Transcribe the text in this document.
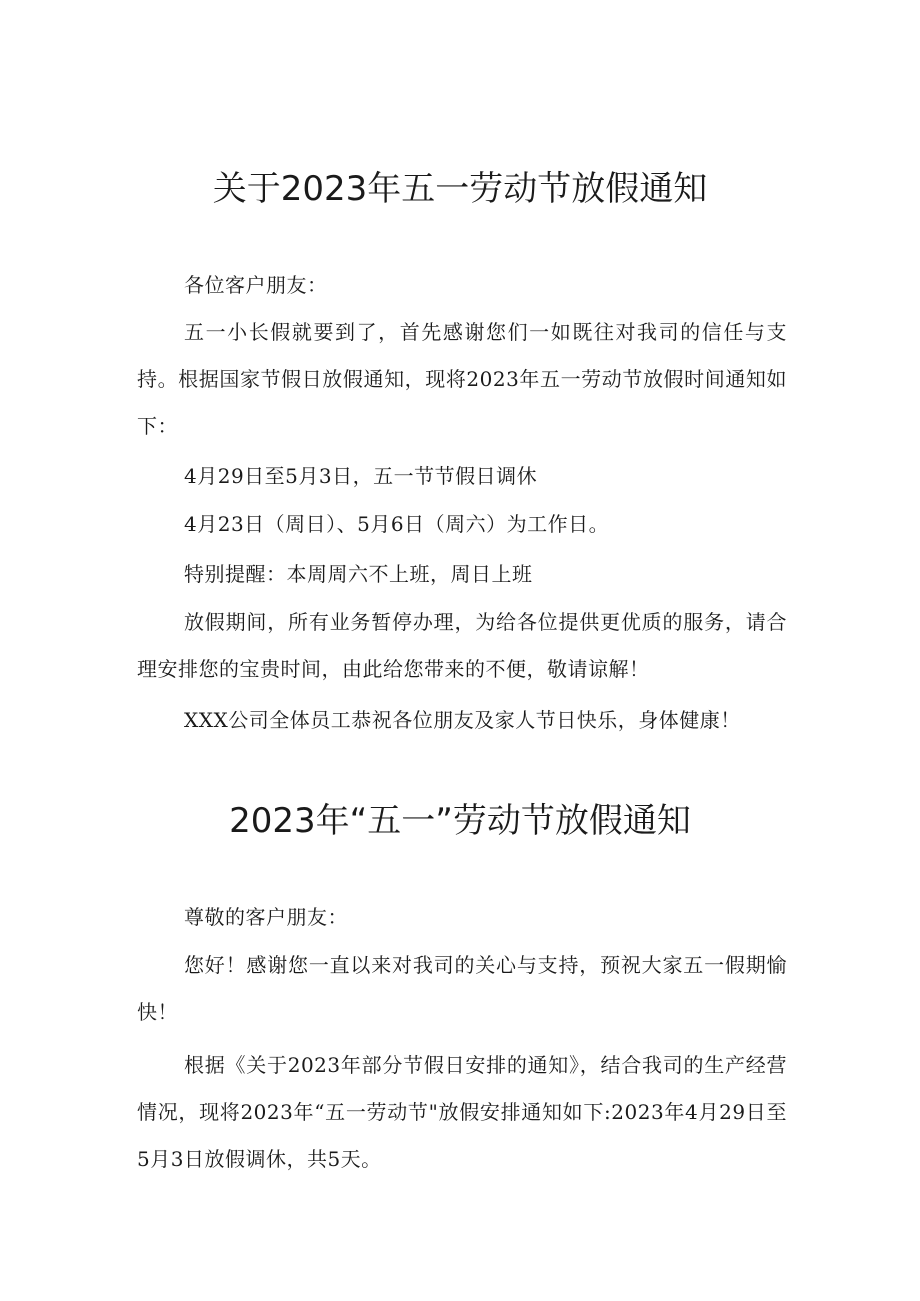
关于2023年五一劳动节放假通知

各位客户朋友：

五一小长假就要到了，首先感谢您们一如既往对我司的信任与支持。根据国家节假日放假通知，现将2023年五一劳动节放假时间通知如下：

4月29日至5月3日，五一节节假日调休

4月23日（周日）、5月6日（周六）为工作日。

特别提醒：本周周六不上班，周日上班

放假期间，所有业务暂停办理，为给各位提供更优质的服务，请合理安排您的宝贵时间，由此给您带来的不便，敬请谅解！

XXX公司全体员工恭祝各位朋友及家人节日快乐，身体健康！

2023年“五一”劳动节放假通知

尊敬的客户朋友：

您好！感谢您一直以来对我司的关心与支持，预祝大家五一假期愉快！

根据《关于2023年部分节假日安排的通知》，结合我司的生产经营情况，现将2023年“五一劳动节"放假安排通知如下:2023年4月29日至5月3日放假调休，共5天。
